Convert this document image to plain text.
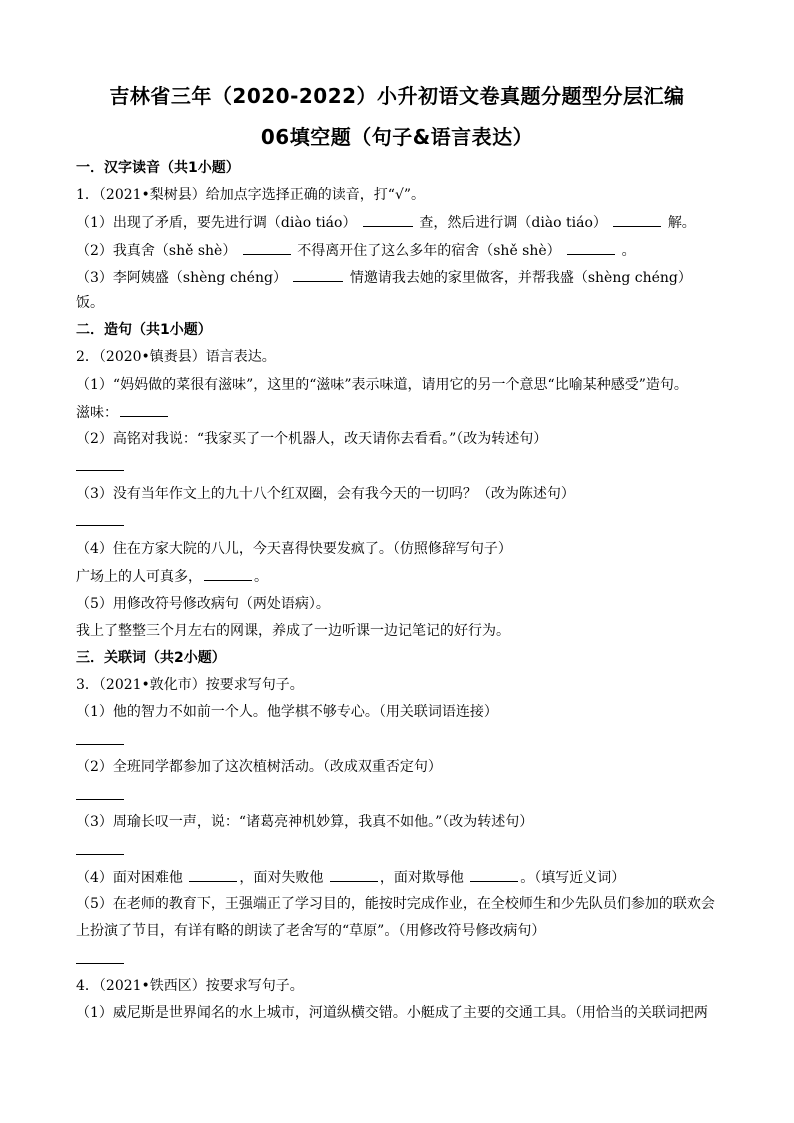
吉林省三年（2020-2022）小升初语文卷真题分题型分层汇编
06填空题（句子&语言表达）
一．汉字读音（共1小题）
1．（2021•梨树县）给加点字选择正确的读音，打“√”。
（1）出现了矛盾，要先进行调（diào tiáo）	查，然后进行调（diào tiáo）	解。
（2）我真舍（shě shè）	不得离开住了这么多年的宿舍（shě shè）	。
（3）李阿姨盛（shèng chéng）	情邀请我去她的家里做客，并帮我盛（shèng chéng）
饭。
二．造句（共1小题）
2．（2020•镇赉县）语言表达。
（1）“妈妈做的菜很有滋味”，这里的“滋味”表示味道，请用它的另一个意思“比喻某种感受”造句。
滋味：
（2）高铭对我说：“我家买了一个机器人，改天请你去看看。”（改为转述句）
（3）没有当年作文上的九十八个红双圈，会有我今天的一切吗？（改为陈述句）
（4）住在方家大院的八儿，今天喜得快要发疯了。（仿照修辞写句子）
广场上的人可真多，	。
（5）用修改符号修改病句（两处语病）。
我上了整整三个月左右的网课，养成了一边听课一边记笔记的好行为。
三．关联词（共2小题）
3．（2021•敦化市）按要求写句子。
（1）他的智力不如前一个人。他学棋不够专心。（用关联词语连接）
（2）全班同学都参加了这次植树活动。（改成双重否定句）
（3）周瑜长叹一声，说：“诸葛亮神机妙算，我真不如他。”（改为转述句）
（4）面对困难他	，面对失败他	，面对欺辱他	。（填写近义词）
（5）在老师的教育下，王强端正了学习目的，能按时完成作业，在全校师生和少先队员们参加的联欢会
上扮演了节目，有详有略的朗读了老舍写的“草原”。（用修改符号修改病句）
4．（2021•铁西区）按要求写句子。
（1）威尼斯是世界闻名的水上城市，河道纵横交错。小艇成了主要的交通工具。（用恰当的关联词把两
